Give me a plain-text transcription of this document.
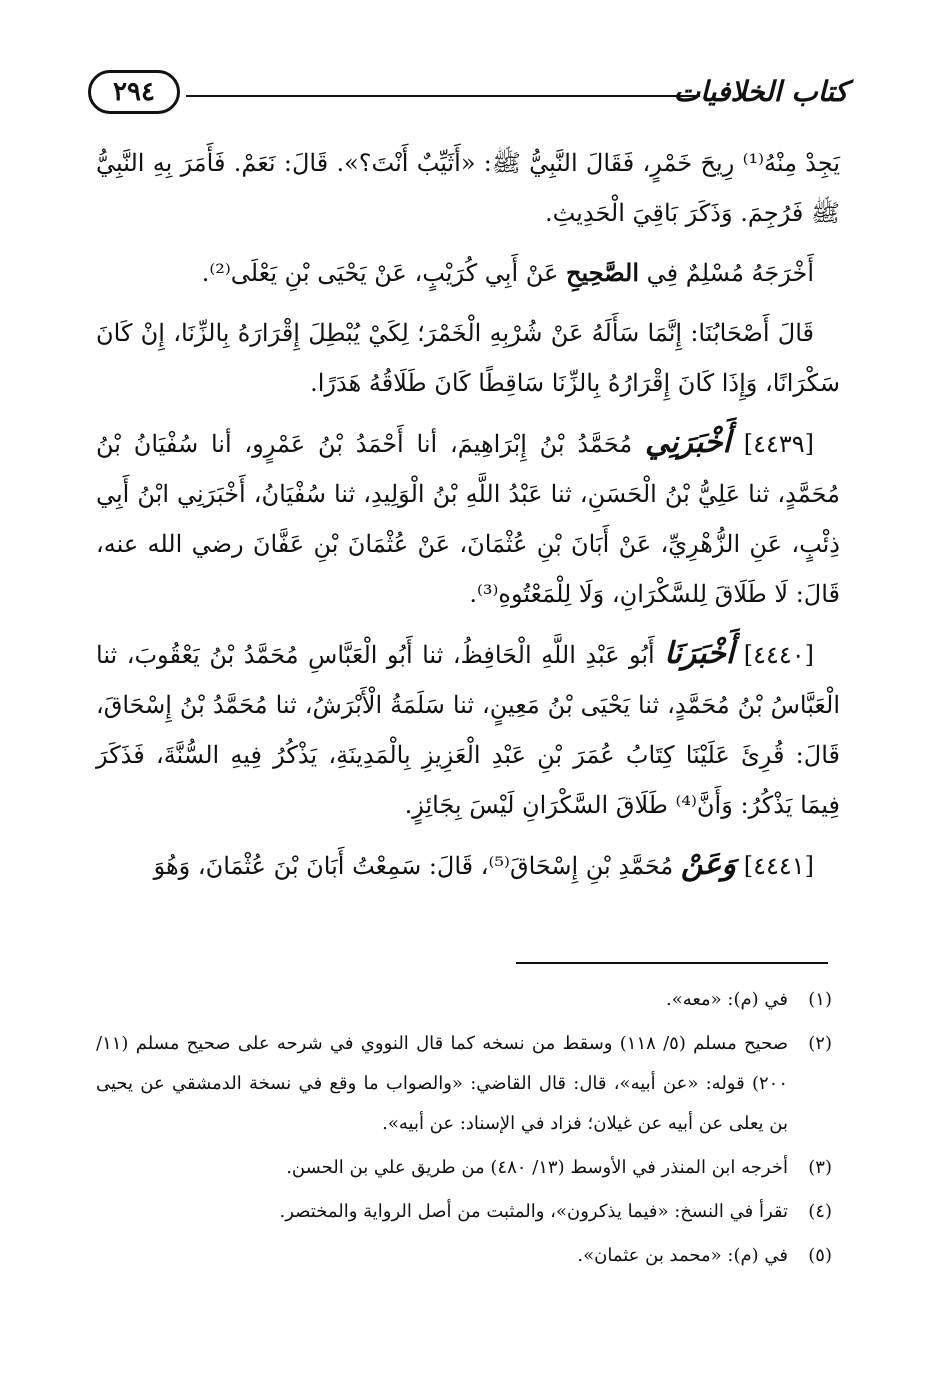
كتاب الخلافيات
٢٩٤

يَجِدْ مِنْهُ⁽¹⁾ رِيحَ خَمْرٍ، فَقَالَ النَّبِيُّ ﷺ: «أَثَيِّبٌ أَنْتَ؟». قَالَ: نَعَمْ. فَأَمَرَ بِهِ النَّبِيُّ ﷺ فَرُجِمَ. وَذَكَرَ بَاقِيَ الْحَدِيثِ.

أَخْرَجَهُ مُسْلِمٌ فِي الصَّحِيحِ عَنْ أَبِي كُرَيْبٍ، عَنْ يَحْيَى بْنِ يَعْلَى⁽²⁾.

قَالَ أَصْحَابُنَا: إِنَّمَا سَأَلَهُ عَنْ شُرْبِهِ الْخَمْرَ؛ لِكَيْ يُبْطِلَ إِقْرَارَهُ بِالزِّنَا، إِنْ كَانَ سَكْرَانًا، وَإِذَا كَانَ إِقْرَارُهُ بِالزِّنَا سَاقِطًا كَانَ طَلَاقُهُ هَدَرًا.

[٤٤٣٩] أَخْبَرَنِي مُحَمَّدُ بْنُ إِبْرَاهِيمَ، أنا أَحْمَدُ بْنُ عَمْرٍو، أنا سُفْيَانُ بْنُ مُحَمَّدٍ، ثنا عَلِيُّ بْنُ الْحَسَنِ، ثنا عَبْدُ اللَّهِ بْنُ الْوَلِيدِ، ثنا سُفْيَانُ، أَخْبَرَنِي ابْنُ أَبِي ذِئْبٍ، عَنِ الزُّهْرِيِّ، عَنْ أَبَانَ بْنِ عُثْمَانَ، عَنْ عُثْمَانَ بْنِ عَفَّانَ رضي الله عنه، قَالَ: لَا طَلَاقَ لِلسَّكْرَانِ، وَلَا لِلْمَعْتُوهِ⁽³⁾.

[٤٤٤٠] أَخْبَرَنَا أَبُو عَبْدِ اللَّهِ الْحَافِظُ، ثنا أَبُو الْعَبَّاسِ مُحَمَّدُ بْنُ يَعْقُوبَ، ثنا الْعَبَّاسُ بْنُ مُحَمَّدٍ، ثنا يَحْيَى بْنُ مَعِينٍ، ثنا سَلَمَةُ الْأَبْرَشُ، ثنا مُحَمَّدُ بْنُ إِسْحَاقَ، قَالَ: قُرِئَ عَلَيْنَا كِتَابُ عُمَرَ بْنِ عَبْدِ الْعَزِيزِ بِالْمَدِينَةِ، يَذْكُرُ فِيهِ السُّنَّةَ، فَذَكَرَ فِيمَا يَذْكُرُ: وَأَنَّ⁽⁴⁾ طَلَاقَ السَّكْرَانِ لَيْسَ بِجَائِزٍ.

[٤٤٤١] وَعَنْ مُحَمَّدِ بْنِ إِسْحَاقَ⁽⁵⁾، قَالَ: سَمِعْتُ أَبَانَ بْنَ عُثْمَانَ، وَهُوَ

(١)
في (م): «معه».
(٢)
صحيح مسلم (٥/ ١١٨) وسقط من نسخه كما قال النووي في شرحه على صحيح مسلم (١١/ ٢٠٠) قوله: «عن أبيه»، قال: قال القاضي: «والصواب ما وقع في نسخة الدمشقي عن يحيى بن يعلى عن أبيه عن غيلان؛ فزاد في الإسناد: عن أبيه».
(٣)
أخرجه ابن المنذر في الأوسط (١٣/ ٤٨٠) من طريق علي بن الحسن.
(٤)
تقرأ في النسخ: «فيما يذكرون»، والمثبت من أصل الرواية والمختصر.
(٥)
في (م): «محمد بن عثمان».
